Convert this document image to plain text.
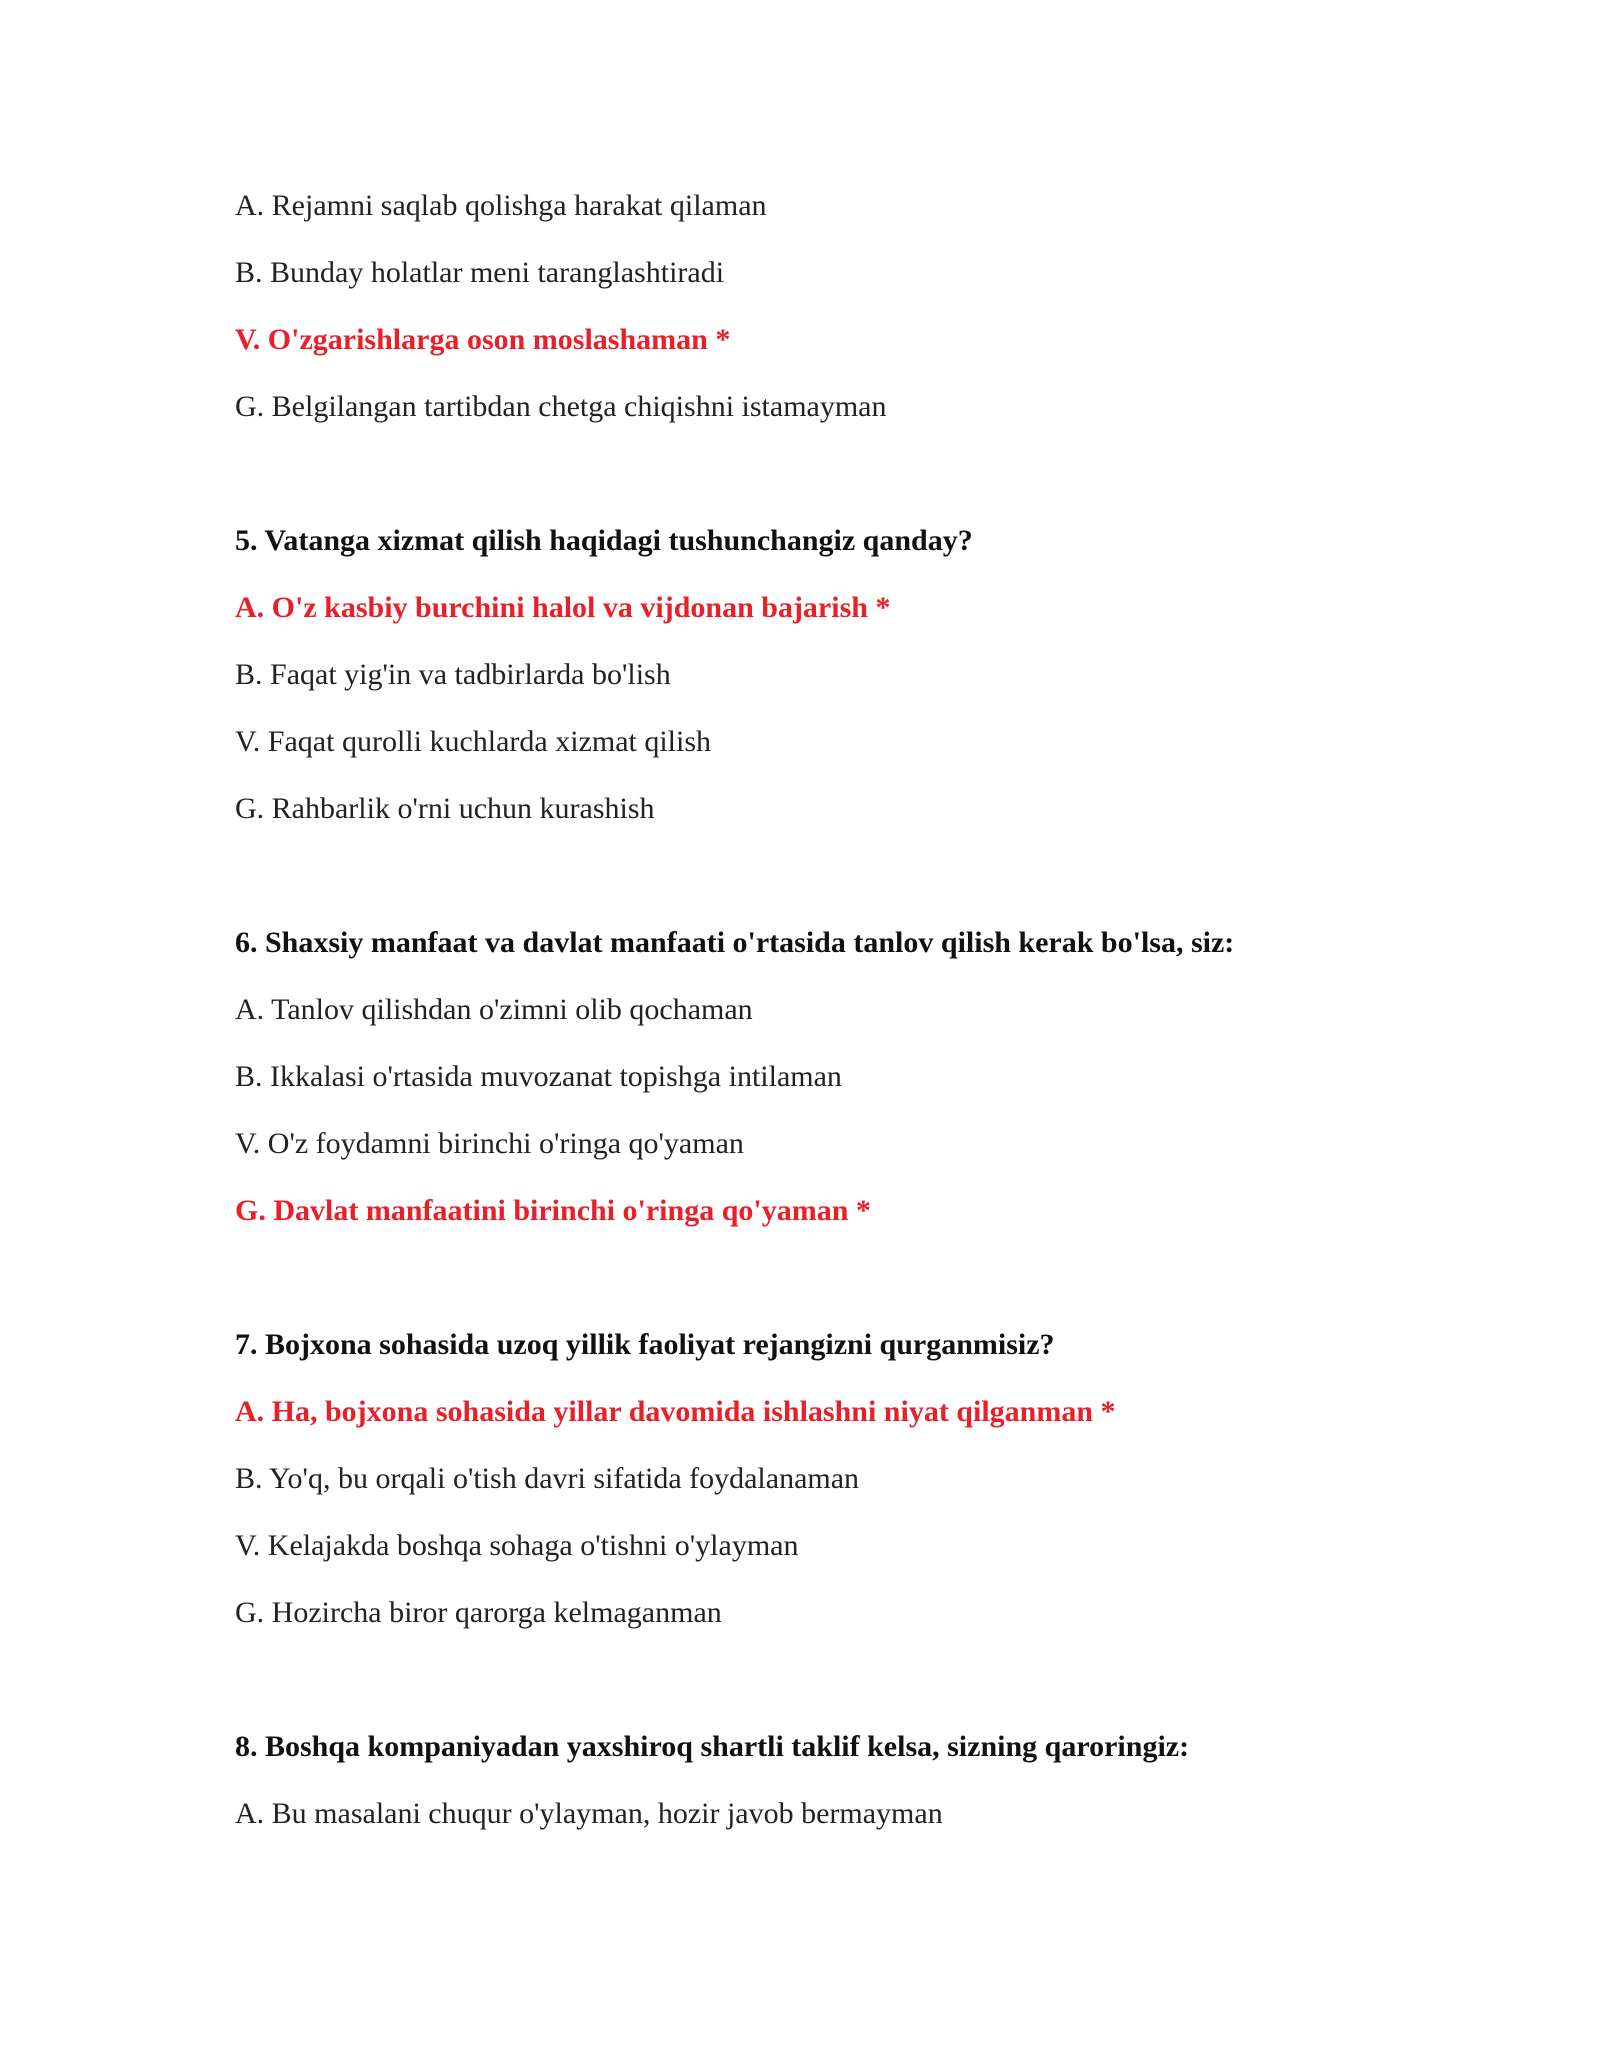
A. Rejamni saqlab qolishga harakat qilaman
B. Bunday holatlar meni taranglashtiradi
V. O'zgarishlarga oson moslashaman *
G. Belgilangan tartibdan chetga chiqishni istamayman
5. Vatanga xizmat qilish haqidagi tushunchangiz qanday?
A. O'z kasbiy burchini halol va vijdonan bajarish *
B. Faqat yig'in va tadbirlarda bo'lish
V. Faqat qurolli kuchlarda xizmat qilish
G. Rahbarlik o'rni uchun kurashish
6. Shaxsiy manfaat va davlat manfaati o'rtasida tanlov qilish kerak bo'lsa, siz:
A. Tanlov qilishdan o'zimni olib qochaman
B. Ikkalasi o'rtasida muvozanat topishga intilaman
V. O'z foydamni birinchi o'ringa qo'yaman
G. Davlat manfaatini birinchi o'ringa qo'yaman *
7. Bojxona sohasida uzoq yillik faoliyat rejangizni qurganmisiz?
A. Ha, bojxona sohasida yillar davomida ishlashni niyat qilganman *
B. Yo'q, bu orqali o'tish davri sifatida foydalanaman
V. Kelajakda boshqa sohaga o'tishni o'ylayman
G. Hozircha biror qarorga kelmaganman
8. Boshqa kompaniyadan yaxshiroq shartli taklif kelsa, sizning qaroringiz:
A. Bu masalani chuqur o'ylayman, hozir javob bermayman
